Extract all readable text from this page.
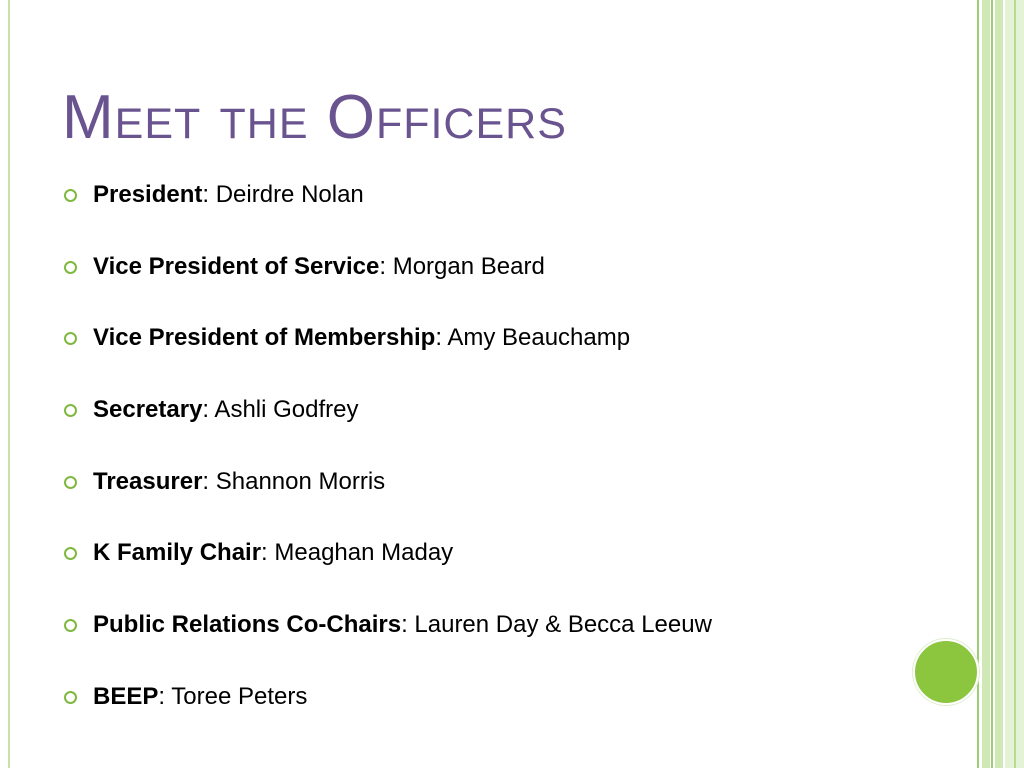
Meet the Officers
President: Deirdre Nolan
Vice President of Service: Morgan Beard
Vice President of Membership: Amy Beauchamp
Secretary: Ashli Godfrey
Treasurer: Shannon Morris
K Family Chair: Meaghan Maday
Public Relations Co-Chairs: Lauren Day & Becca Leeuw
BEEP: Toree Peters
